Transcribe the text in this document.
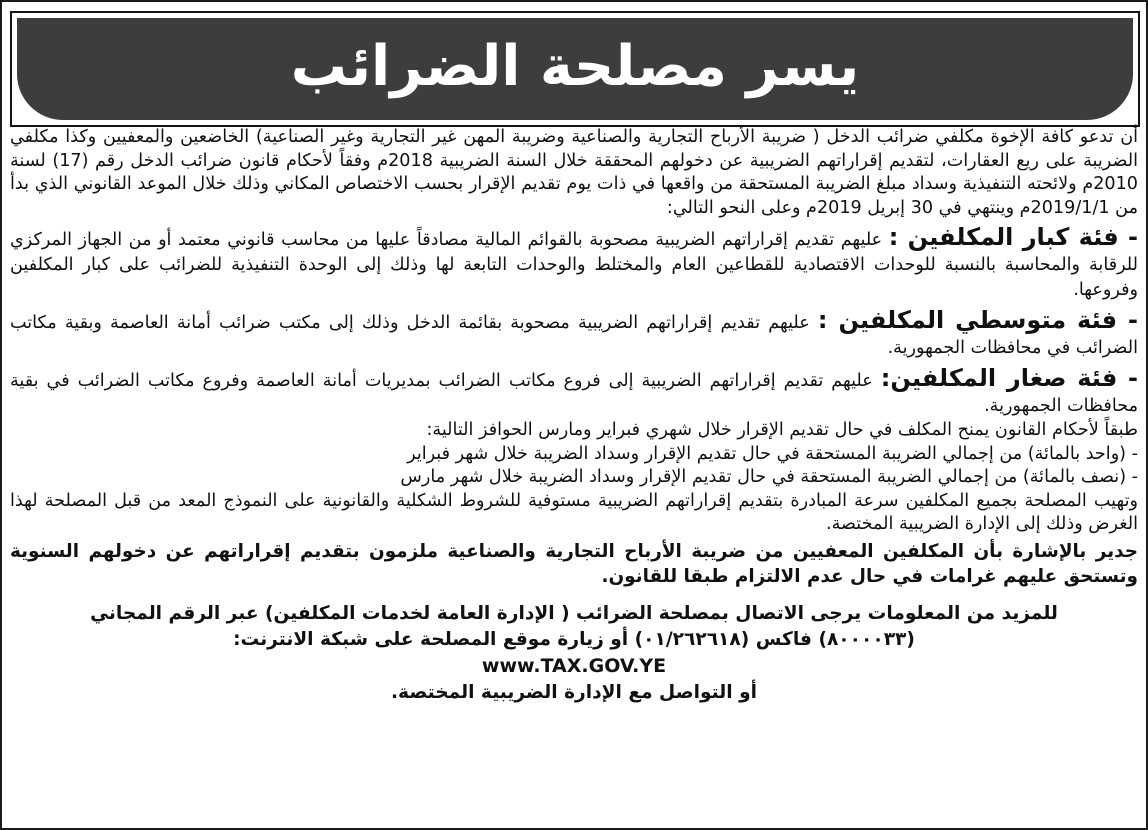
يسر مصلحة الضرائب

أن تدعو كافة الإخوة مكلفي ضرائب الدخل ( ضريبة الأرباح التجارية والصناعية وضريبة المهن غير التجارية وغير الصناعية) الخاضعين والمعفيين وكذا مكلفي الضريبة على ريع العقارات، لتقديم إقراراتهم الضريبية عن دخولهم المحققة خلال السنة الضريبية 2018م وفقاً لأحكام قانون ضرائب الدخل رقم (17) لسنة 2010م ولائحته التنفيذية وسداد مبلغ الضريبة المستحقة من واقعها في ذات يوم تقديم الإقرار بحسب الاختصاص المكاني وذلك خلال الموعد القانوني الذي بدأ من 2019/1/1م وينتهي في 30 إبريل 2019م وعلى النحو التالي:

- فئة كبار المكلفين : عليهم تقديم إقراراتهم الضريبية مصحوبة بالقوائم المالية مصادقاً عليها من محاسب قانوني معتمد أو من الجهاز المركزي للرقابة والمحاسبة بالنسبة للوحدات الاقتصادية للقطاعين العام والمختلط والوحدات التابعة لها وذلك إلى الوحدة التنفيذية للضرائب على كبار المكلفين وفروعها.

- فئة متوسطي المكلفين : عليهم تقديم إقراراتهم الضريبية مصحوبة بقائمة الدخل وذلك إلى مكتب ضرائب أمانة العاصمة وبقية مكاتب الضرائب في محافظات الجمهورية.

- فئة صغار المكلفين: عليهم تقديم إقراراتهم الضريبية إلى فروع مكاتب الضرائب بمديريات أمانة العاصمة وفروع مكاتب الضرائب في بقية محافظات الجمهورية.

طبقاً لأحكام القانون يمنح المكلف في حال تقديم الإقرار خلال شهري فبراير ومارس الحوافز التالية:

- (واحد بالمائة) من إجمالي الضريبة المستحقة في حال تقديم الإقرار وسداد الضريبة خلال شهر فبراير

- (نصف بالمائة) من إجمالي الضريبة المستحقة في حال تقديم الإقرار وسداد الضريبة خلال شهر مارس

وتهيب المصلحة بجميع المكلفين سرعة المبادرة بتقديم إقراراتهم الضريبية مستوفية للشروط الشكلية والقانونية على النموذج المعد من قبل المصلحة لهذا الغرض وذلك إلى الإدارة الضريبية المختصة.

جدير بالإشارة بأن المكلفين المعفيين من ضريبة الأرباح التجارية والصناعية ملزمون بتقديم إقراراتهم عن دخولهم السنوية وتستحق عليهم غرامات في حال عدم الالتزام طبقا للقانون.

للمزيد من المعلومات يرجى الاتصال بمصلحة الضرائب ( الإدارة العامة لخدمات المكلفين) عبر الرقم المجاني

(٨٠٠٠٠٣٣) فاكس (٠١/٢٦٢٦١٨) أو زيارة موقع المصلحة على شبكة الانترنت:

www.TAX.GOV.YE

أو التواصل مع الإدارة الضريبية المختصة.
